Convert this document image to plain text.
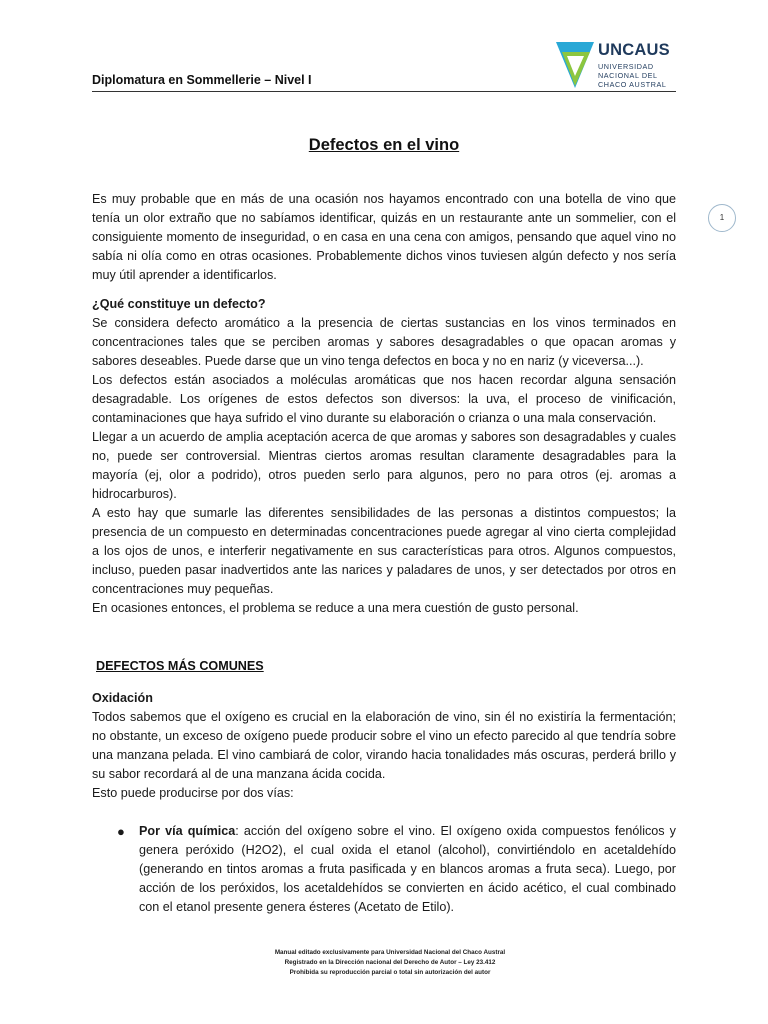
Diplomatura en Sommellerie – Nivel I
UNCAUS
UNIVERSIDAD
NACIONAL DEL
CHACO AUSTRAL
1
Defectos en el vino

Es muy probable que en más de una ocasión nos hayamos encontrado con una botella de vino que tenía un olor extraño que no sabíamos identificar, quizás en un restaurante ante un sommelier, con el consiguiente momento de inseguridad, o en casa en una cena con amigos, pensando que aquel vino no sabía ni olía como en otras ocasiones. Probablemente dichos vinos tuviesen algún defecto y nos sería muy útil aprender a identificarlos.

¿Qué constituye un defecto?

Se considera defecto aromático a la presencia de ciertas sustancias en los vinos terminados en concentraciones tales que se perciben aromas y sabores desagradables o que opacan aromas y sabores deseables. Puede darse que un vino tenga defectos en boca y no en nariz (y viceversa...).

Los defectos están asociados a moléculas aromáticas que nos hacen recordar alguna sensación desagradable. Los orígenes de estos defectos son diversos: la uva, el proceso de vinificación, contaminaciones que haya sufrido el vino durante su elaboración o crianza o una mala conservación.

Llegar a un acuerdo de amplia aceptación acerca de que aromas y sabores son desagradables y cuales no, puede ser controversial. Mientras ciertos aromas resultan claramente desagradables para la mayoría (ej, olor a podrido), otros pueden serlo para algunos, pero no para otros (ej. aromas a hidrocarburos).

A esto hay que sumarle las diferentes sensibilidades de las personas a distintos compuestos; la presencia de un compuesto en determinadas concentraciones puede agregar al vino cierta complejidad a los ojos de unos, e interferir negativamente en sus características para otros. Algunos compuestos, incluso, pueden pasar inadvertidos ante las narices y paladares de unos, y ser detectados por otros en concentraciones muy pequeñas.

En ocasiones entonces, el problema se reduce a una mera cuestión de gusto personal.

DEFECTOS MÁS COMUNES

Oxidación

Todos sabemos que el oxígeno es crucial en la elaboración de vino, sin él no existiría la fermentación; no obstante, un exceso de oxígeno puede producir sobre el vino un efecto parecido al que tendría sobre una manzana pelada. El vino cambiará de color, virando hacia tonalidades más oscuras, perderá brillo y su sabor recordará al de una manzana ácida cocida.

Esto puede producirse por dos vías:

● Por vía química: acción del oxígeno sobre el vino. El oxígeno oxida compuestos fenólicos y genera peróxido (H2O2), el cual oxida el etanol (alcohol), convirtiéndolo en acetaldehído (generando en tintos aromas a fruta pasificada y en blancos aromas a fruta seca). Luego, por acción de los peróxidos, los acetaldehídos se convierten en ácido acético, el cual combinado con el etanol presente genera ésteres (Acetato de Etilo).
Manual editado exclusivamente para Universidad Nacional del Chaco Austral
Registrado en la Dirección nacional del Derecho de Autor – Ley 23.412
Prohibida su reproducción parcial o total sin autorización del autor
